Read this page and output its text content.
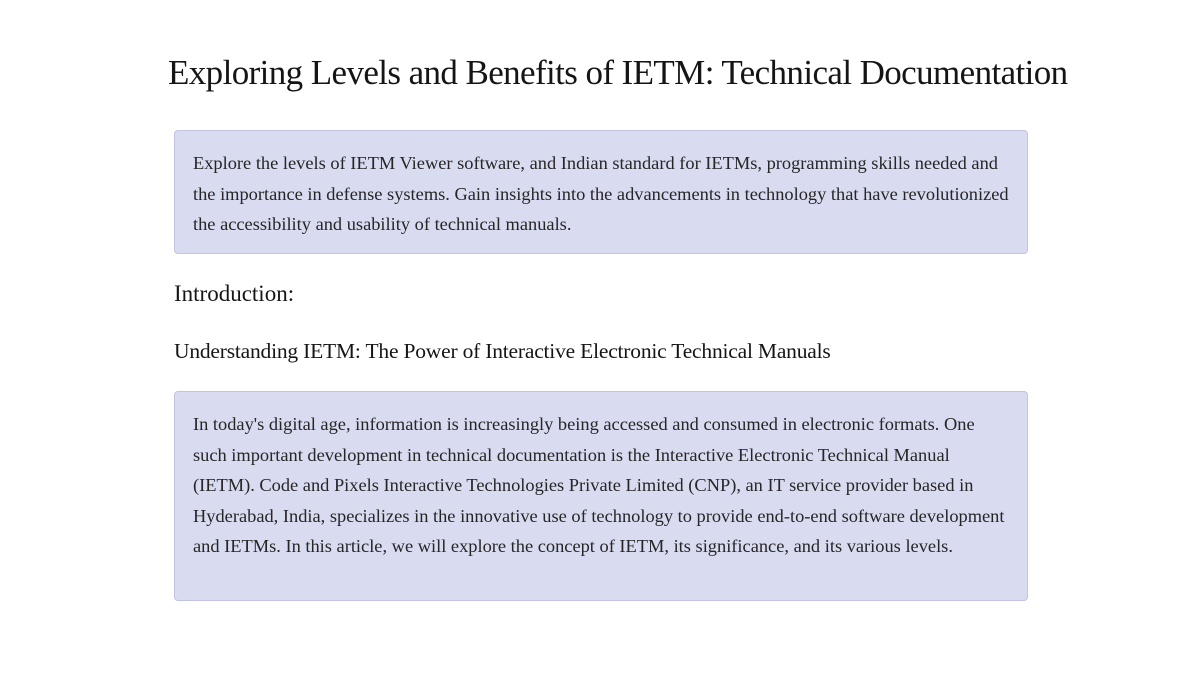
Exploring Levels and Benefits of IETM: Technical Documentation

Explore the levels of IETM Viewer software, and Indian standard for IETMs, programming skills needed and the importance in defense systems. Gain insights into the advancements in technology that have revolutionized the accessibility and usability of technical manuals.

Introduction:
Understanding IETM: The Power of Interactive Electronic Technical Manuals

In today's digital age, information is increasingly being accessed and consumed in electronic formats. One such important development in technical documentation is the Interactive Electronic Technical Manual (IETM). Code and Pixels Interactive Technologies Private Limited (CNP), an IT service provider based in Hyderabad, India, specializes in the innovative use of technology to provide end-to-end software development and IETMs. In this article, we will explore the concept of IETM, its significance, and its various levels.
